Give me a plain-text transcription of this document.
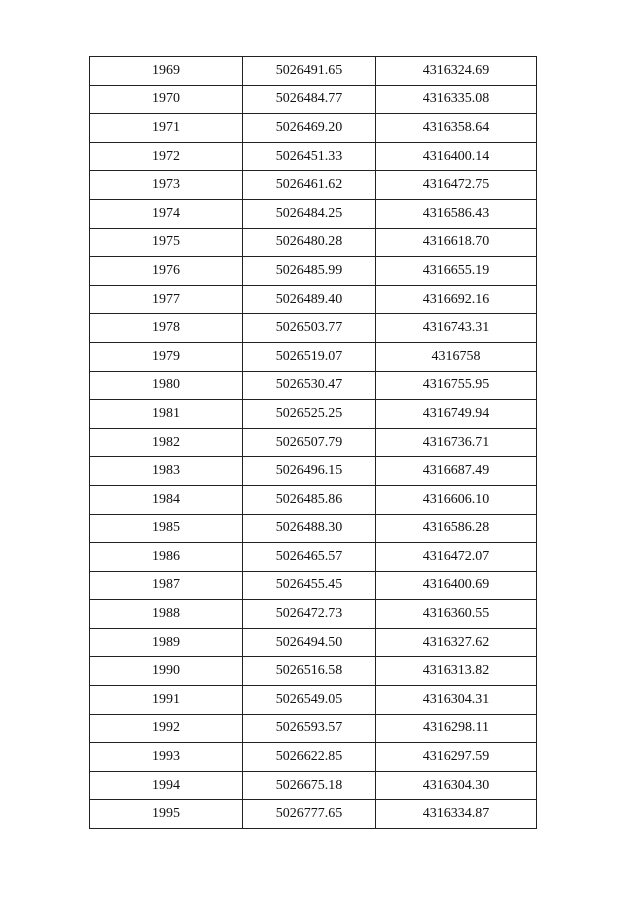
1969	5026491.65	4316324.69
1970	5026484.77	4316335.08
1971	5026469.20	4316358.64
1972	5026451.33	4316400.14
1973	5026461.62	4316472.75
1974	5026484.25	4316586.43
1975	5026480.28	4316618.70
1976	5026485.99	4316655.19
1977	5026489.40	4316692.16
1978	5026503.77	4316743.31
1979	5026519.07	4316758
1980	5026530.47	4316755.95
1981	5026525.25	4316749.94
1982	5026507.79	4316736.71
1983	5026496.15	4316687.49
1984	5026485.86	4316606.10
1985	5026488.30	4316586.28
1986	5026465.57	4316472.07
1987	5026455.45	4316400.69
1988	5026472.73	4316360.55
1989	5026494.50	4316327.62
1990	5026516.58	4316313.82
1991	5026549.05	4316304.31
1992	5026593.57	4316298.11
1993	5026622.85	4316297.59
1994	5026675.18	4316304.30
1995	5026777.65	4316334.87
